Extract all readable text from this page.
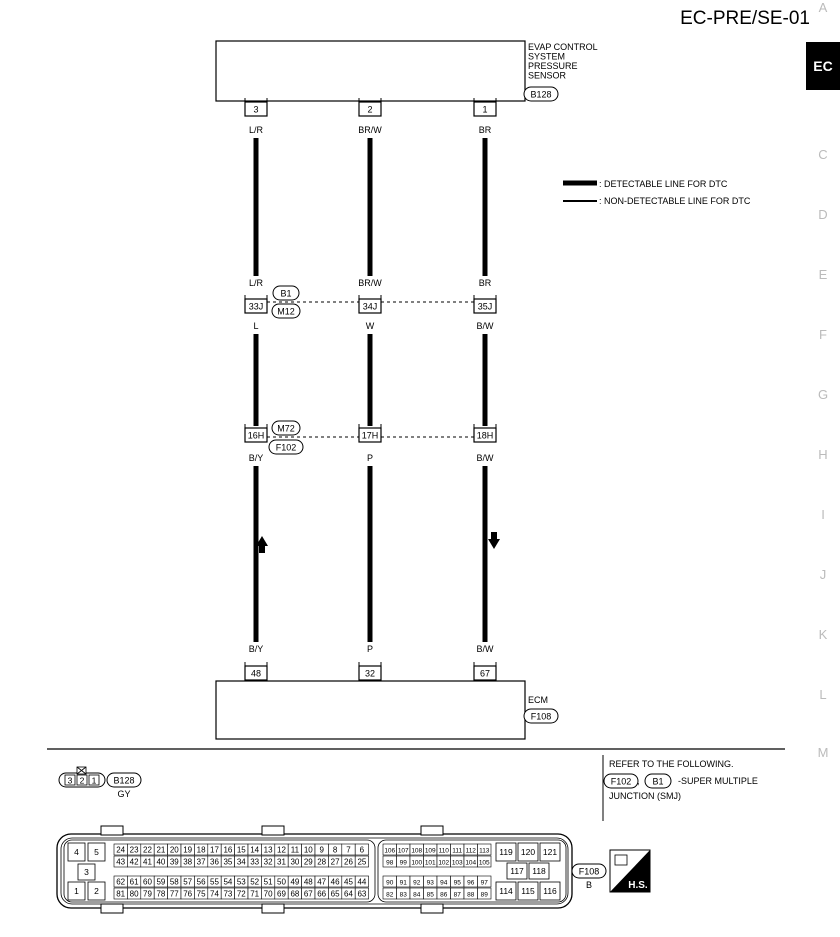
EC-PRE/SE-01
A
EC
C
D
E
F
G
H
I
J
K
L
M
EVAP CONTROL
SYSTEM
PRESSURE
SENSOR
B128
: DETECTABLE LINE FOR DTC
: NON-DETECTABLE LINE FOR DTC
3
L/R
L/R
33J
L
16H
B/Y
B/Y
48
2
BR/W
BR/W
34J
W
17H
P
P
32
1
BR
BR
35J
B/W
18H
B/W
B/W
67
B1
M12
M72
F102
ECM
F108
REFER TO THE FOLLOWING.
F102 , B1 -SUPER MULTIPLE
JUNCTION (SMJ)
3 2 1 B128
GY
4 5
3
1 2
24 23 22 21 20 19 18 17 16 15 14 13 12 11 10 9 8 7 6
43 42 41 40 39 38 37 36 35 34 33 32 31 30 29 28 27 26 25
62 61 60 59 58 57 56 55 54 53 52 51 50 49 48 47 46 45 44
81 80 79 78 77 76 75 74 73 72 71 70 69 68 67 66 65 64 63
106 107 108 109 110 111 112 113
98 99 100 101 102 103 104 105
90 91 92 93 94 95 96 97
82 83 84 85 86 87 88 89
119 120 121
117 118
114 115 116
F108
B	H.S.
